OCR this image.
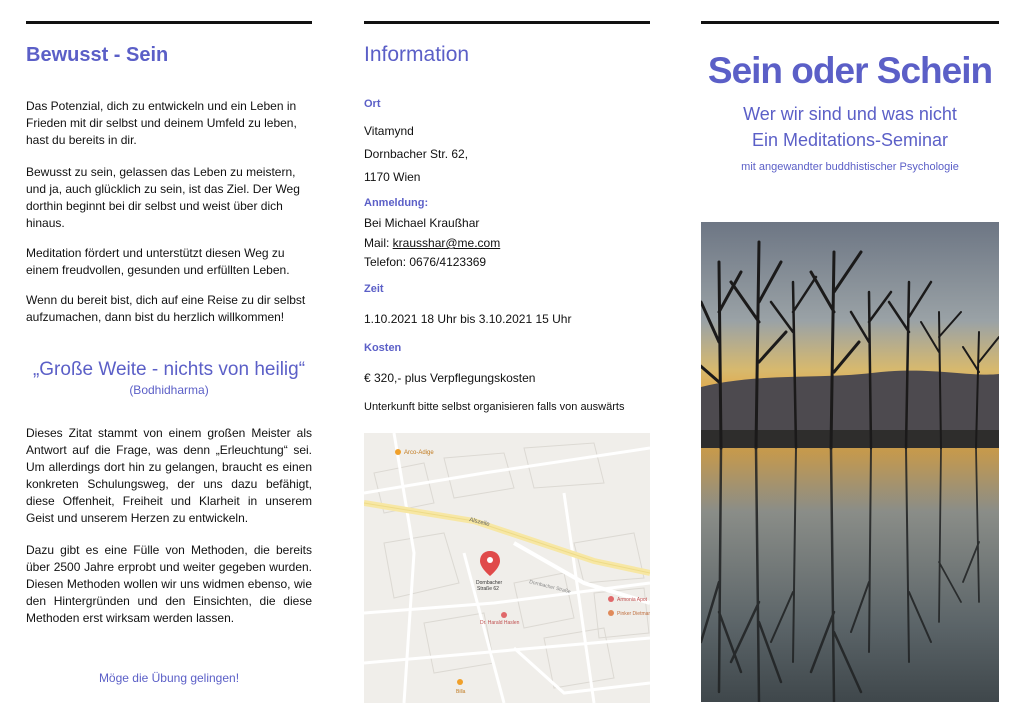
Bewusst - Sein

Das Potenzial, dich zu entwickeln und ein Leben in Frieden mit dir selbst und deinem Umfeld zu leben, hast du bereits in dir.

Bewusst zu sein, gelassen das Leben zu meistern, und ja, auch glücklich zu sein, ist das Ziel. Der Weg dorthin beginnt bei dir selbst und weist über dich hinaus.

Meditation fördert und unterstützt diesen Weg zu einem freudvollen, gesunden und erfüllten Leben.

Wenn du bereit bist, dich auf eine Reise zu dir selbst aufzumachen, dann bist du herzlich willkommen!

„Große Weite - nichts von heilig“
(Bodhidharma)

Dieses Zitat stammt von einem großen Meister als Antwort auf die Frage, was denn „Erleuchtung“ sei. Um allerdings dort hin zu gelangen, braucht es einen konkreten Schulungsweg, der uns dazu befähigt, diese Offenheit, Freiheit und Klarheit in unserem Geist und unserem Herzen zu entwickeln.

Dazu gibt es eine Fülle von Methoden, die bereits über 2500 Jahre erprobt und weiter gegeben wurden. Diesen Methoden wollen wir uns widmen ebenso, wie den Hintergründen und den Einsichten, die diese Methoden erst wirksam werden lassen.

Möge die Übung gelingen!
Information
Ort
Vitamynd
Dornbacher Str. 62,
1170 Wien
Anmeldung:
Bei Michael Kraußhar
Mail: krausshar@me.com
Telefon: 0676/4123369
Zeit
1.10.2021 18 Uhr bis 3.10.2021 15 Uhr
Kosten
€ 320,- plus Verpflegungskosten
Unterkunft bitte selbst organisieren falls von auswärts
Arco-Adige
Alszeile
Dornbacher Straße
Dornbacher
Straße 62
Dr. Harald Haslen
Armonia Apot
Pinker Dietmar
Billa
Sein oder Schein
Wer wir sind und was nicht
Ein Meditations-Seminar
mit angewandter buddhistischer Psychologie
